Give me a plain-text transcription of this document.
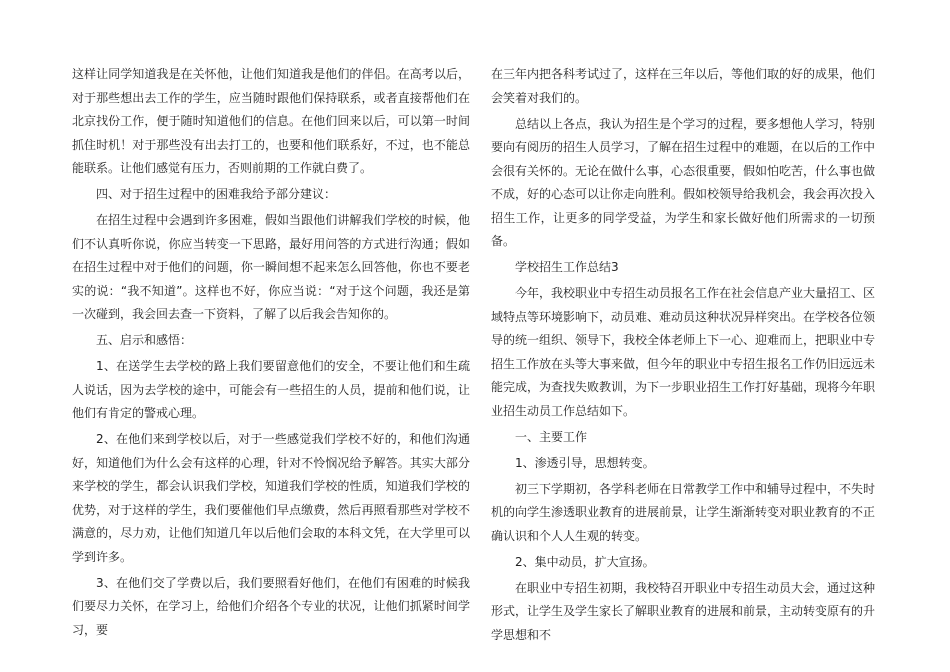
这样让同学知道我是在关怀他，让他们知道我是他们的伴侣。在高考以后，对于那些想出去工作的学生，应当随时跟他们保持联系，或者直接帮他们在北京找份工作，便于随时知道他们的信息。在他们回来以后，可以第一时间抓住时机！对于那些没有出去打工的，也要和他们联系好，不过，也不能总能联系。让他们感觉有压力，否则前期的工作就白费了。

四、对于招生过程中的困难我给予部分建议：

在招生过程中会遇到许多困难，假如当跟他们讲解我们学校的时候，他们不认真听你说，你应当转变一下思路，最好用问答的方式进行沟通；假如在招生过程中对于他们的问题，你一瞬间想不起来怎么回答他，你也不要老实的说：“我不知道”。这样也不好，你应当说：“对于这个问题，我还是第一次碰到，我会回去查一下资料，了解了以后我会告知你的。

五、启示和感悟：

1、在送学生去学校的路上我们要留意他们的安全，不要让他们和生疏人说话，因为去学校的途中，可能会有一些招生的人员，提前和他们说，让他们有肯定的警戒心理。

2、在他们来到学校以后，对于一些感觉我们学校不好的，和他们沟通好，知道他们为什么会有这样的心理，针对不怜悯况给予解答。其实大部分来学校的学生，都会认识我们学校，知道我们学校的性质，知道我们学校的优势，对于这样的学生，我们要催他们早点缴费，然后再照看那些对学校不满意的，尽力劝，让他们知道几年以后他们会取的本科文凭，在大学里可以学到许多。

3、在他们交了学费以后，我们要照看好他们，在他们有困难的时候我们要尽力关怀，在学习上，给他们介绍各个专业的状况，让他们抓紧时间学习，要

在三年内把各科考试过了，这样在三年以后，等他们取的好的成果，他们会笑着对我们的。

总结以上各点，我认为招生是个学习的过程，要多想他人学习，特别要向有阅历的招生人员学习，了解在招生过程中的难题，在以后的工作中会很有关怀的。无论在做什么事，心态很重要，假如怕吃苦，什么事也做不成，好的心态可以让你走向胜利。假如校领导给我机会，我会再次投入招生工作，让更多的同学受益，为学生和家长做好他们所需求的一切预备。

学校招生工作总结3

今年，我校职业中专招生动员报名工作在社会信息产业大量招工、区域特点等环境影响下，动员难、难动员这种状况异样突出。在学校各位领导的统一组织、领导下，我校全体老师上下一心、迎难而上，把职业中专招生工作放在头等大事来做，但今年的职业中专招生报名工作仍旧远远未能完成，为查找失败教训，为下一步职业招生工作打好基础，现将今年职业招生动员工作总结如下。

一、主要工作

1、渗透引导，思想转变。

初三下学期初，各学科老师在日常教学工作中和辅导过程中，不失时机的向学生渗透职业教育的进展前景，让学生渐渐转变对职业教育的不正确认识和个人人生观的转变。

2、集中动员，扩大宣扬。

在职业中专招生初期，我校特召开职业中专招生动员大会，通过这种形式，让学生及学生家长了解职业教育的进展和前景，主动转变原有的升学思想和不
